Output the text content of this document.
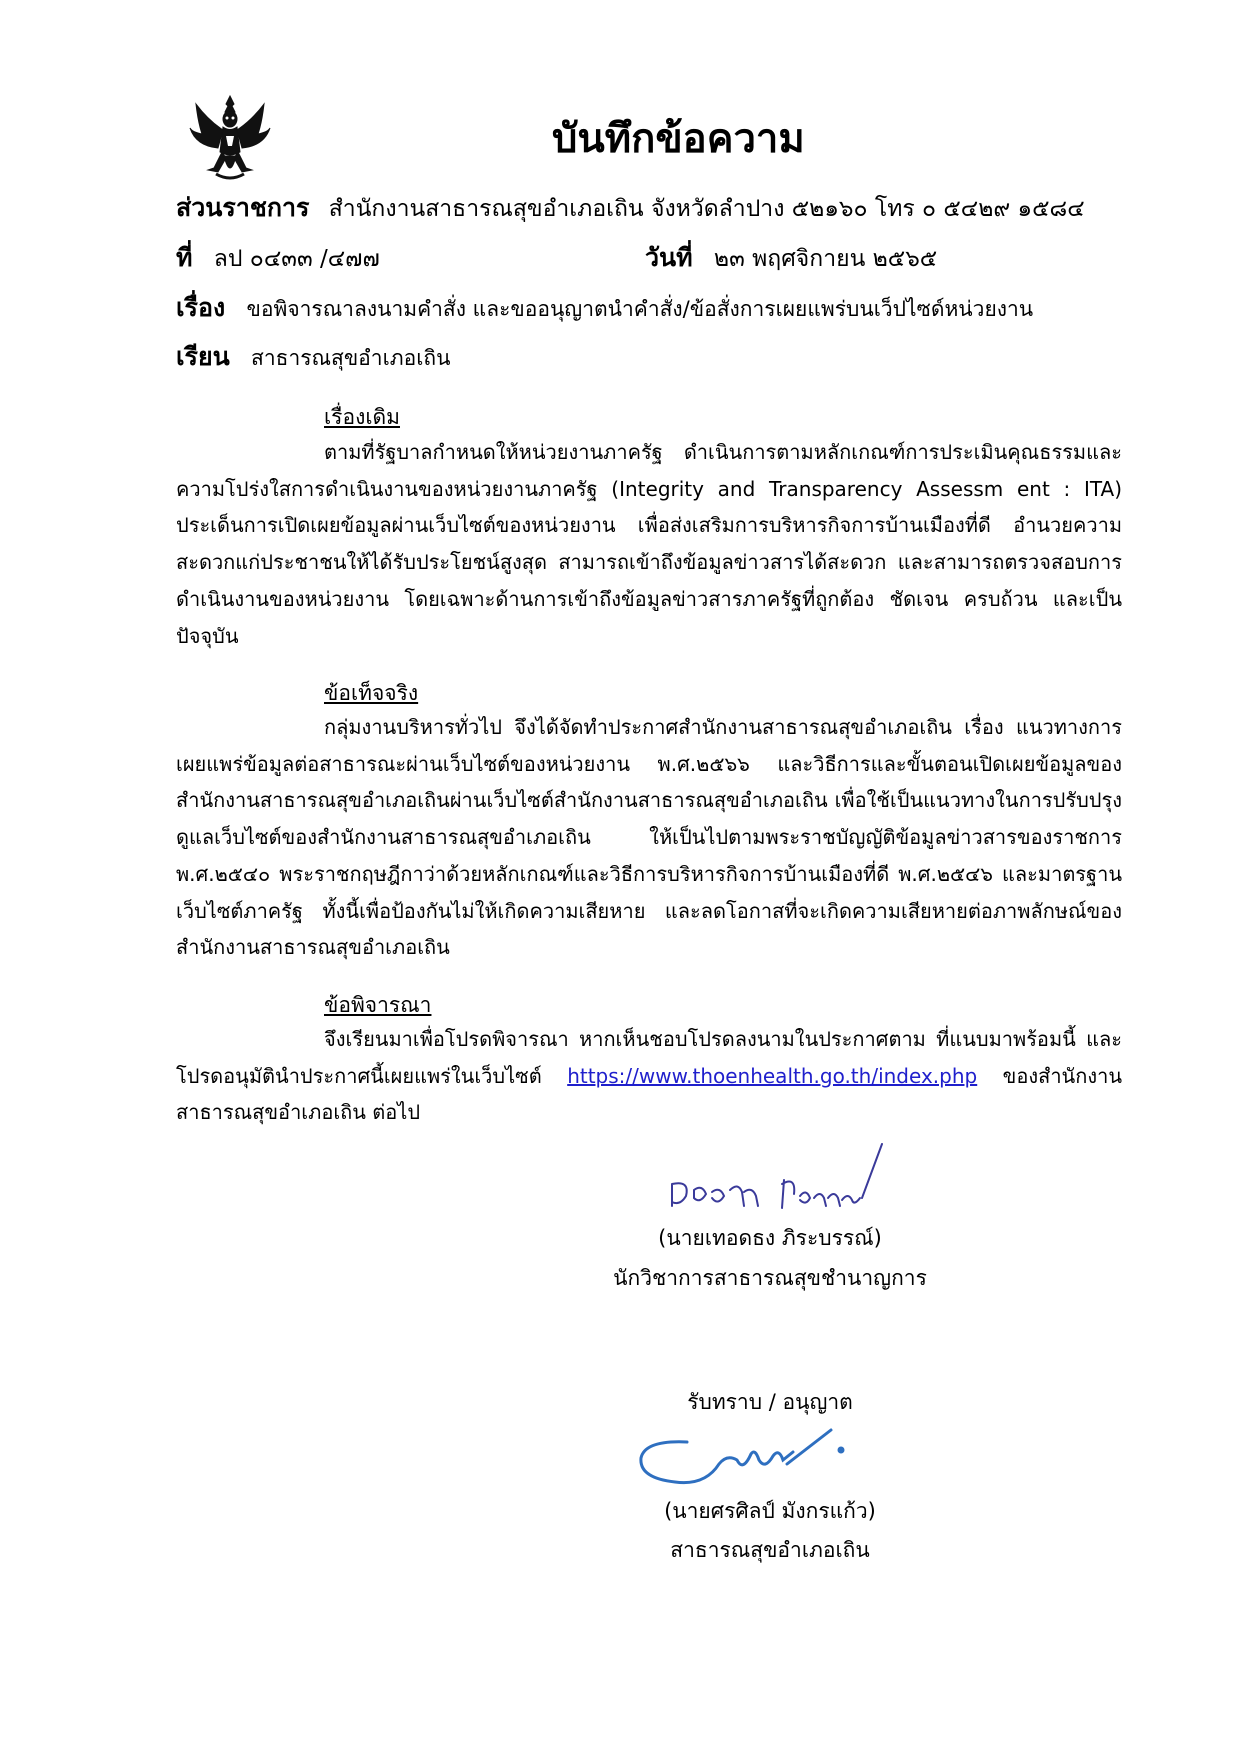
บันทึกข้อความ
ส่วนราชการ สำนักงานสาธารณสุขอำเภอเถิน จังหวัดลำปาง ๕๒๑๖๐ โทร ๐ ๕๔๒๙ ๑๕๘๔
ที่ ลป ๐๔๓๓ /๔๗๗	วันที่ ๒๓ พฤศจิกายน ๒๕๖๕
เรื่อง ขอพิจารณาลงนามคำสั่ง และขออนุญาตนำคำสั่ง/ข้อสั่งการเผยแพร่บนเว็ปไซด์หน่วยงาน
เรียน สาธารณสุขอำเภอเถิน
เรื่องเดิม
ตามที่รัฐบาลกำหนดให้หน่วยงานภาครัฐ ดำเนินการตามหลักเกณฑ์การประเมินคุณธรรมและความโปร่งใสการดำเนินงานของหน่วยงานภาครัฐ (Integrity and Transparency Assessm ent : ITA) ประเด็นการเปิดเผยข้อมูลผ่านเว็บไซต์ของหน่วยงาน เพื่อส่งเสริมการบริหารกิจการบ้านเมืองที่ดี อำนวยความสะดวกแก่ประชาชนให้ได้รับประโยชน์สูงสุด สามารถเข้าถึงข้อมูลข่าวสารได้สะดวก และสามารถตรวจสอบการดำเนินงานของหน่วยงาน โดยเฉพาะด้านการเข้าถึงข้อมูลข่าวสารภาครัฐที่ถูกต้อง ชัดเจน ครบถ้วน และเป็นปัจจุบัน
ข้อเท็จจริง
กลุ่มงานบริหารทั่วไป จึงได้จัดทำประกาศสำนักงานสาธารณสุขอำเภอเถิน เรื่อง แนวทางการเผยแพร่ข้อมูลต่อสาธารณะผ่านเว็บไซต์ของหน่วยงาน พ.ศ.๒๕๖๖ และวิธีการและขั้นตอนเปิดเผยข้อมูลของสำนักงานสาธารณสุขอำเภอเถินผ่านเว็บไซต์สำนักงานสาธารณสุขอำเภอเถิน เพื่อใช้เป็นแนวทางในการปรับปรุงดูแลเว็บไซต์ของสำนักงานสาธารณสุขอำเภอเถิน ให้เป็นไปตามพระราชบัญญัติข้อมูลข่าวสารของราชการ พ.ศ.๒๕๔๐ พระราชกฤษฎีกาว่าด้วยหลักเกณฑ์และวิธีการบริหารกิจการบ้านเมืองที่ดี พ.ศ.๒๕๔๖ และมาตรฐานเว็บไซต์ภาครัฐ ทั้งนี้เพื่อป้องกันไม่ให้เกิดความเสียหาย และลดโอกาสที่จะเกิดความเสียหายต่อภาพลักษณ์ของสำนักงานสาธารณสุขอำเภอเถิน
ข้อพิจารณา
จึงเรียนมาเพื่อโปรดพิจารณา หากเห็นชอบโปรดลงนามในประกาศตาม ที่แนบมาพร้อมนี้ และโปรดอนุมัตินำประกาศนี้เผยแพร่ในเว็บไซต์ https://www.thoenhealth.go.th/index.php ของสำนักงานสาธารณสุขอำเภอเถิน ต่อไป
(นายเทอดธง ภิระบรรณ์)
นักวิชาการสาธารณสุขชำนาญการ
รับทราบ / อนุญาต
(นายศรศิลป์ มังกรแก้ว)
สาธารณสุขอำเภอเถิน
